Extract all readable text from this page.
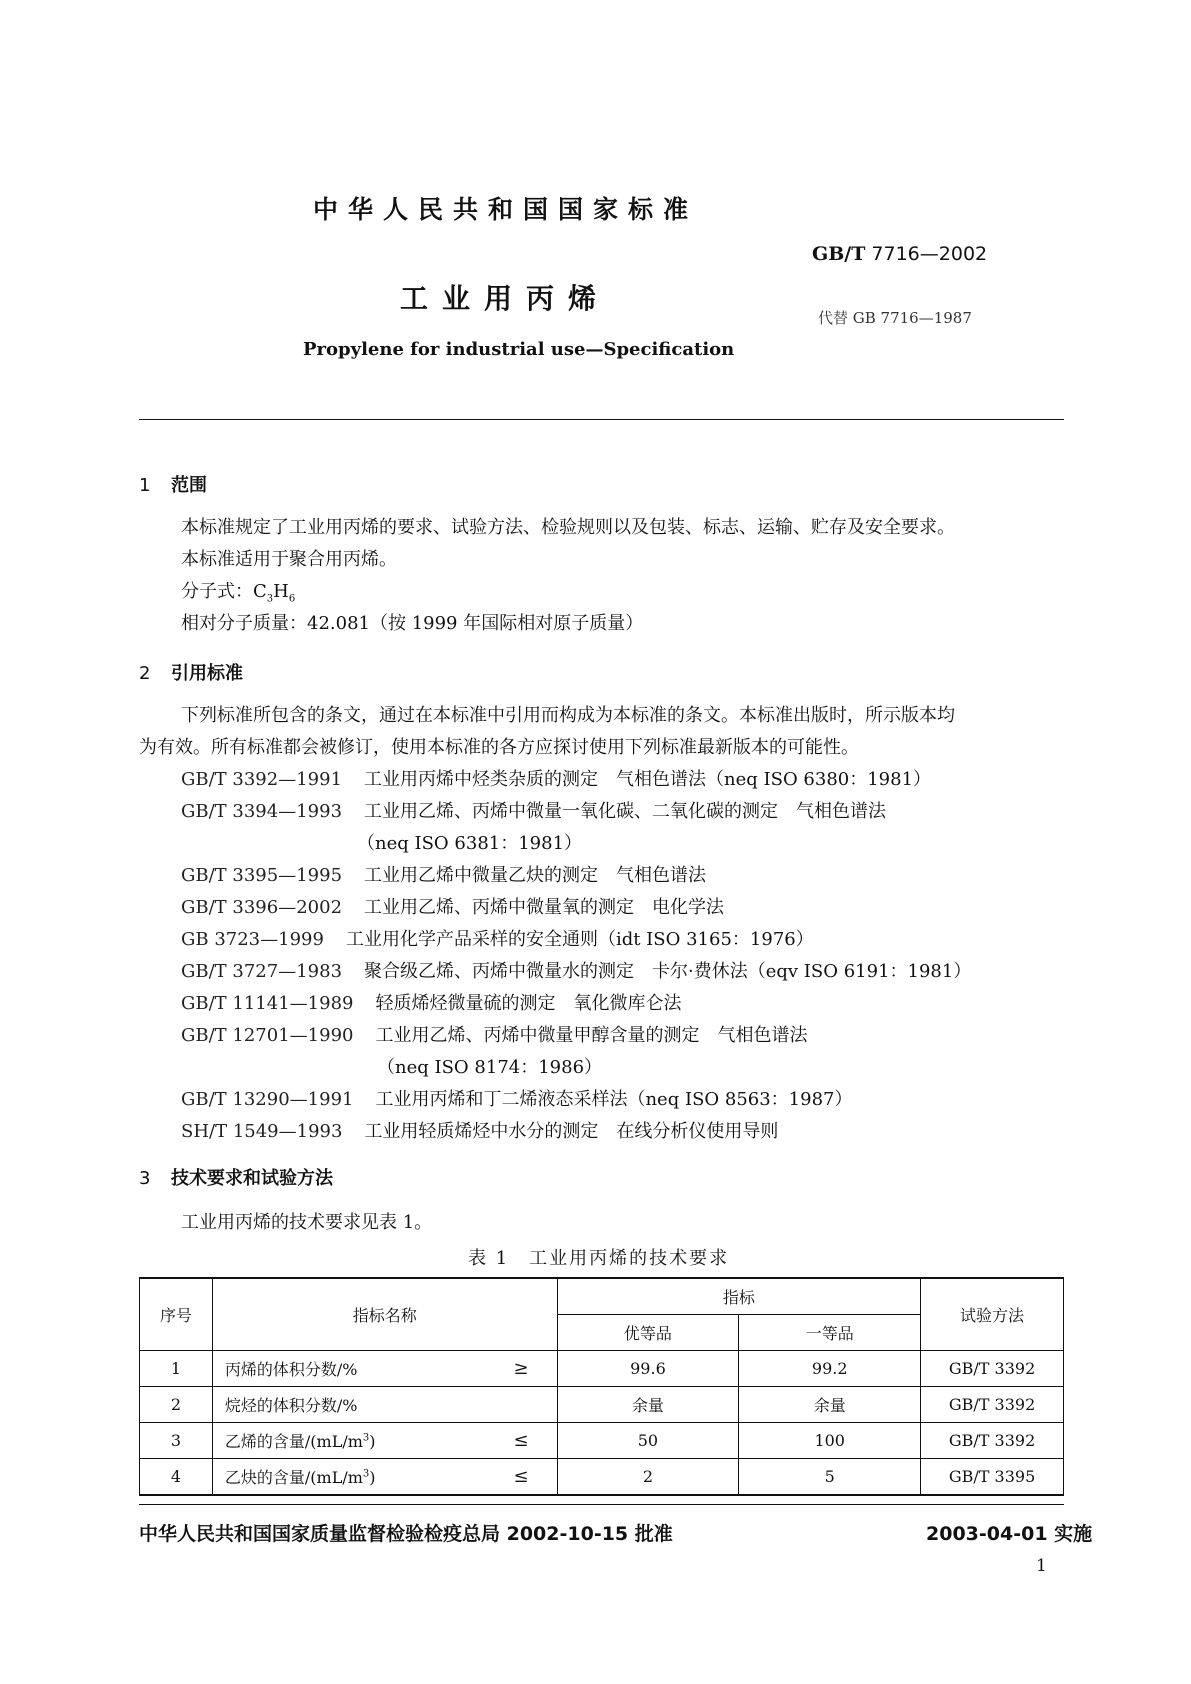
中华人民共和国国家标准
GB/T 7716—2002
工业用丙烯
代替 GB 7716—1987
Propylene for industrial use—Specification
1 范围
本标准规定了工业用丙烯的要求、试验方法、检验规则以及包装、标志、运输、贮存及安全要求。
本标准适用于聚合用丙烯。
分子式：$C_3H_6$
相对分子质量：42.081（按 1999 年国际相对原子质量）
2 引用标准
下列标准所包含的条文，通过在本标准中引用而构成为本标准的条文。本标准出版时，所示版本均
为有效。所有标准都会被修订，使用本标准的各方应探讨使用下列标准最新版本的可能性。
GB/T 3392—1991 工业用丙烯中烃类杂质的测定　气相色谱法（neq ISO 6380：1981）
GB/T 3394—1993 工业用乙烯、丙烯中微量一氧化碳、二氧化碳的测定　气相色谱法
（neq ISO 6381：1981）
GB/T 3395—1995 工业用乙烯中微量乙炔的测定　气相色谱法
GB/T 3396—2002 工业用乙烯、丙烯中微量氧的测定　电化学法
GB 3723—1999 工业用化学产品采样的安全通则（idt ISO 3165：1976）
GB/T 3727—1983 聚合级乙烯、丙烯中微量水的测定　卡尔·费休法（eqv ISO 6191：1981）
GB/T 11141—1989 轻质烯烃微量硫的测定　氧化微库仑法
GB/T 12701—1990 工业用乙烯、丙烯中微量甲醇含量的测定　气相色谱法
（neq ISO 8174：1986）
GB/T 13290—1991 工业用丙烯和丁二烯液态采样法（neq ISO 8563：1987）
SH/T 1549—1993 工业用轻质烯烃中水分的测定　在线分析仪使用导则
3 技术要求和试验方法
工业用丙烯的技术要求见表 1。
表 1　工业用丙烯的技术要求
序号	指标名称	指标		试验方法
		优等品	一等品	
1	丙烯的体积分数/% ≥	99.6	99.2	GB/T 3392
2	烷烃的体积分数/%	余量	余量	GB/T 3392
3	乙烯的含量$/(mL/m^3)$ ≤	50	100	GB/T 3392
4	乙炔的含量$/(mL/m^3)$ ≤	2	5	GB/T 3395
中华人民共和国国家质量监督检验检疫总局 2002-10-15 批准	2003-04-01 实施
1
